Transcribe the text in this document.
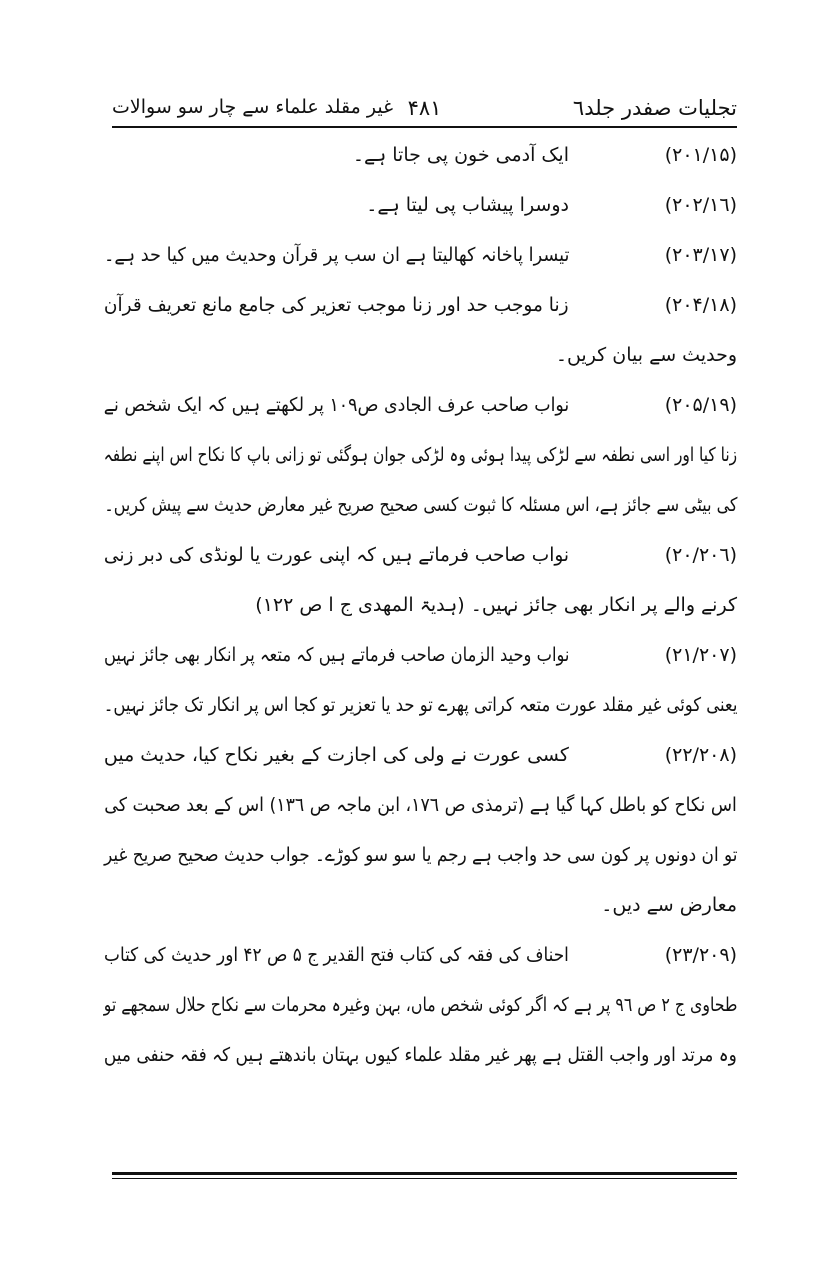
تجلیات صفدر جلد٦
۴۸۱
غیر مقلد علماء سے چار سو سوالات
(۲۰۱/۱۵)
ایک آدمی خون پی جاتا ہے۔
(۲۰۲/۱٦)
دوسرا پیشاب پی لیتا ہے۔
(۲۰۳/۱۷)
تیسرا پاخانہ کھالیتا ہے ان سب پر قرآن وحدیث میں کیا حد ہے۔
(۲۰۴/۱۸)
زنا موجب حد اور زنا موجب تعزیر کی جامع مانع تعریف قرآن
وحدیث سے بیان کریں۔
(۲۰۵/۱۹)
نواب صاحب عرف الجادی ص۱۰۹ پر لکھتے ہیں کہ ایک شخص نے
زنا کیا اور اسی نطفہ سے لڑکی پیدا ہوئی وہ لڑکی جوان ہوگئی تو زانی باپ کا نکاح اس اپنے نطفہ
کی بیٹی سے جائز ہے، اس مسئلہ کا ثبوت کسی صحیح صریح غیر معارض حدیث سے پیش کریں۔
(۲۰٦/۲۰)
نواب صاحب فرماتے ہیں کہ اپنی عورت یا لونڈی کی دبر زنی
کرنے والے پر انکار بھی جائز نہیں۔ (ہدیۃ المھدی ج ا ص ۱۲۲)
(۲۱/۲۰۷)
نواب وحید الزمان صاحب فرماتے ہیں کہ متعہ پر انکار بھی جائز نہیں
یعنی کوئی غیر مقلد عورت متعہ کراتی پھرے تو حد یا تعزیر تو کجا اس پر انکار تک جائز نہیں۔
(۲۲/۲۰۸)
کسی عورت نے ولی کی اجازت کے بغیر نکاح کیا، حدیث میں
اس نکاح کو باطل کہا گیا ہے (ترمذی ص ۱۷٦، ابن ماجہ ص ۱۳٦) اس کے بعد صحبت کی
تو ان دونوں پر کون سی حد واجب ہے رجم یا سو سو کوڑے۔ جواب حدیث صحیح صریح غیر
معارض سے دیں۔
(۲۳/۲۰۹)
احناف کی فقہ کی کتاب فتح القدیر ج ۵ ص ۴۲ اور حدیث کی کتاب
طحاوی ج ۲ ص ۹٦ پر ہے کہ اگر کوئی شخص ماں، بہن وغیرہ محرمات سے نکاح حلال سمجھے تو
وہ مرتد اور واجب القتل ہے پھر غیر مقلد علماء کیوں بہتان باندھتے ہیں کہ فقہ حنفی میں
